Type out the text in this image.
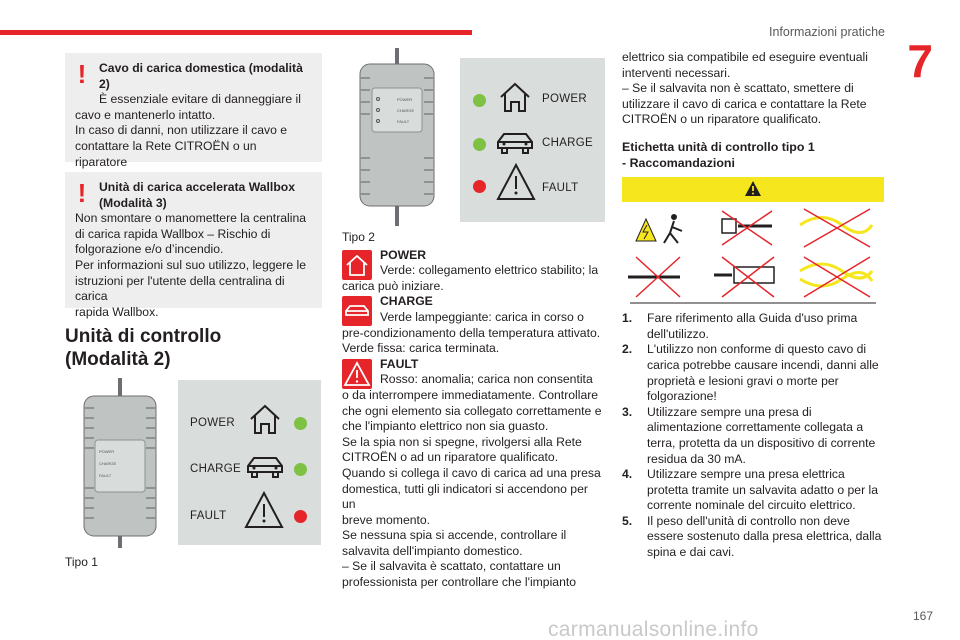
Informazioni pratiche
7
!	Cavo di carica domestica (modalità 2)
È essenziale evitare di danneggiare il
cavo e mantenerlo intatto.
In caso di danni, non utilizzare il cavo e
contattare la Rete CITROËN o un riparatore

!	Unità di carica accelerata Wallbox
(Modalità 3)
Non smontare o manomettere la centralina
di carica rapida Wallbox – Rischio di
folgorazione e/o d’incendio.
Per informazioni sul suo utilizzo, leggere le
istruzioni per l'utente della centralina di carica
rapida Wallbox.
Unità di controllo
(Modalità 2)
POWER
CHARGE
FAULT
POWER
CHARGE
FAULT
Tipo 1
POWER
CHARGE
FAULT
POWER
CHARGE
FAULT
Tipo 2
POWER
Verde: collegamento elettrico stabilito; la
carica può iniziare.
CHARGE
Verde lampeggiante: carica in corso o
pre-condizionamento della temperatura attivato.
Verde fissa: carica terminata.
FAULT
Rosso: anomalia; carica non consentita
o da interrompere immediatamente. Controllare
che ogni elemento sia collegato correttamente e
che l'impianto elettrico non sia guasto.
Se la spia non si spegne, rivolgersi alla Rete
CITROËN o ad un riparatore qualificato.
Quando si collega il cavo di carica ad una presa
domestica, tutti gli indicatori si accendono per un
breve momento.
Se nessuna spia si accende, controllare il
salvavita dell'impianto domestico.
– Se il salvavita è scattato, contattare un
professionista per controllare che l'impianto
elettrico sia compatibile ed eseguire eventuali
interventi necessari.
– Se il salvavita non è scattato, smettere di
utilizzare il cavo di carica e contattare la Rete
CITROËN o un riparatore qualificato.
Etichetta unità di controllo tipo 1
- Raccomandazioni
1. Fare riferimento alla Guida d'uso prima dell'utilizzo.
2. L'utilizzo non conforme di questo cavo di carica potrebbe causare incendi, danni alle proprietà e lesioni gravi o morte per folgorazione!
3. Utilizzare sempre una presa di alimentazione correttamente collegata a terra, protetta da un dispositivo di corrente residua da 30 mA.
4. Utilizzare sempre una presa elettrica protetta tramite un salvavita adatto o per la corrente nominale del circuito elettrico.
5. Il peso dell'unità di controllo non deve essere sostenuto dalla presa elettrica, dalla spina e dai cavi.
167
carmanualsonline.info
